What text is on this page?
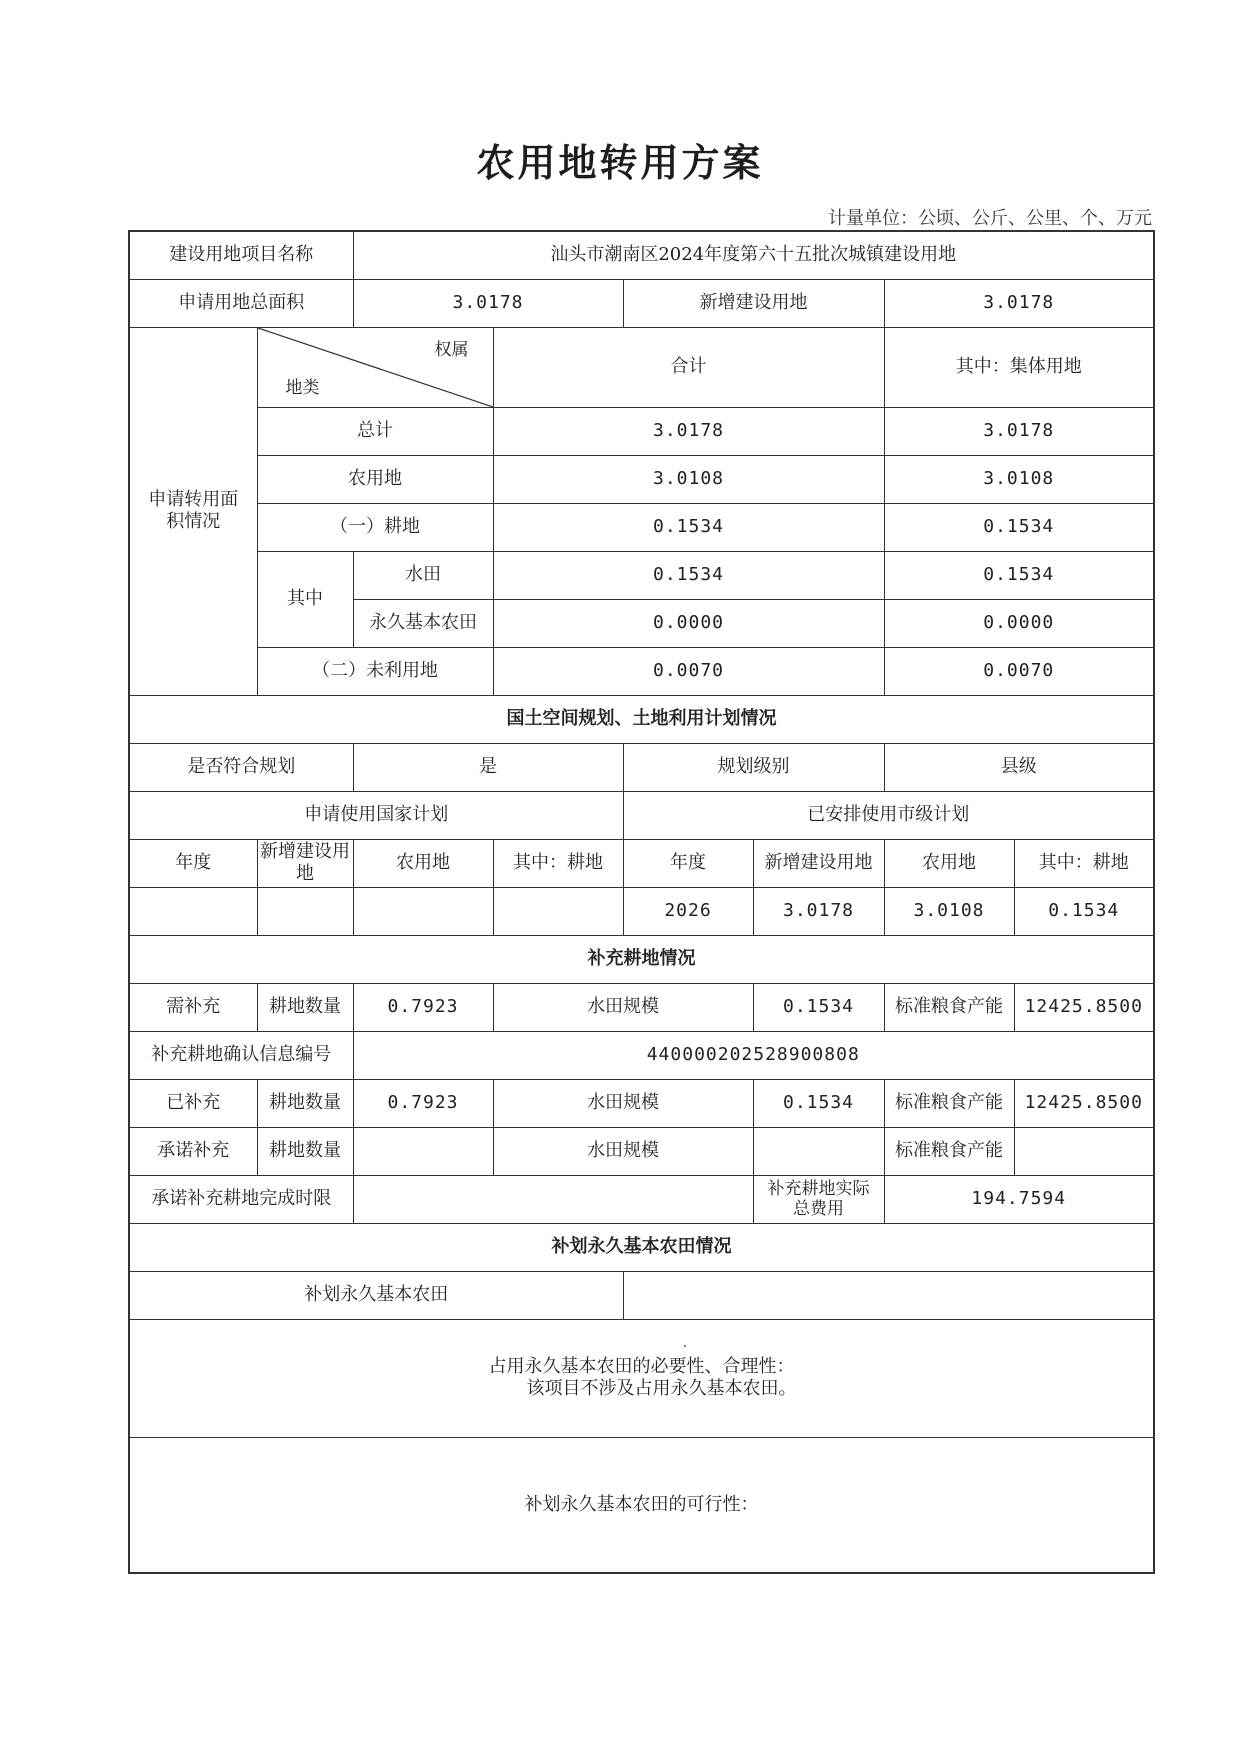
农用地转用方案
计量单位：公顷、公斤、公里、个、万元
建设用地项目名称		汕头市潮南区2024年度第六十五批次城镇建设用地					
申请用地总面积		3.0178		新增建设用地		3.0178	
申请转用面积情况	权属
地类		合计			其中：集体用地	
	总计		3.0178			3.0178	
	农用地		3.0108			3.0108	
	（一）耕地		0.1534			0.1534	
	其中	水田	0.1534			0.1534	
		永久基本农田	0.0000			0.0000	
	（二）未利用地		0.0070			0.0070	
国土空间规划、土地利用计划情况							
是否符合规划		是		规划级别		县级	
申请使用国家计划				已安排使用市级计划			
年度	新增建设用地	农用地	其中：耕地	年度	新增建设用地	农用地	其中：耕地
				2026	3.0178	3.0108	0.1534
补充耕地情况							
需补充	耕地数量	0.7923	水田规模		0.1534	标准粮食产能	12425.8500
补充耕地确认信息编号		440000202528900808					
已补充	耕地数量	0.7923	水田规模		0.1534	标准粮食产能	12425.8500
承诺补充	耕地数量		水田规模			标准粮食产能	
承诺补充耕地完成时限					补充耕地实际总费用	194.7594	
补划永久基本农田情况							
补划永久基本农田							

占用永久基本农田的必要性、合理性：
该项目不涉及占用永久基本农田。							

补划永久基本农田的可行性：							
